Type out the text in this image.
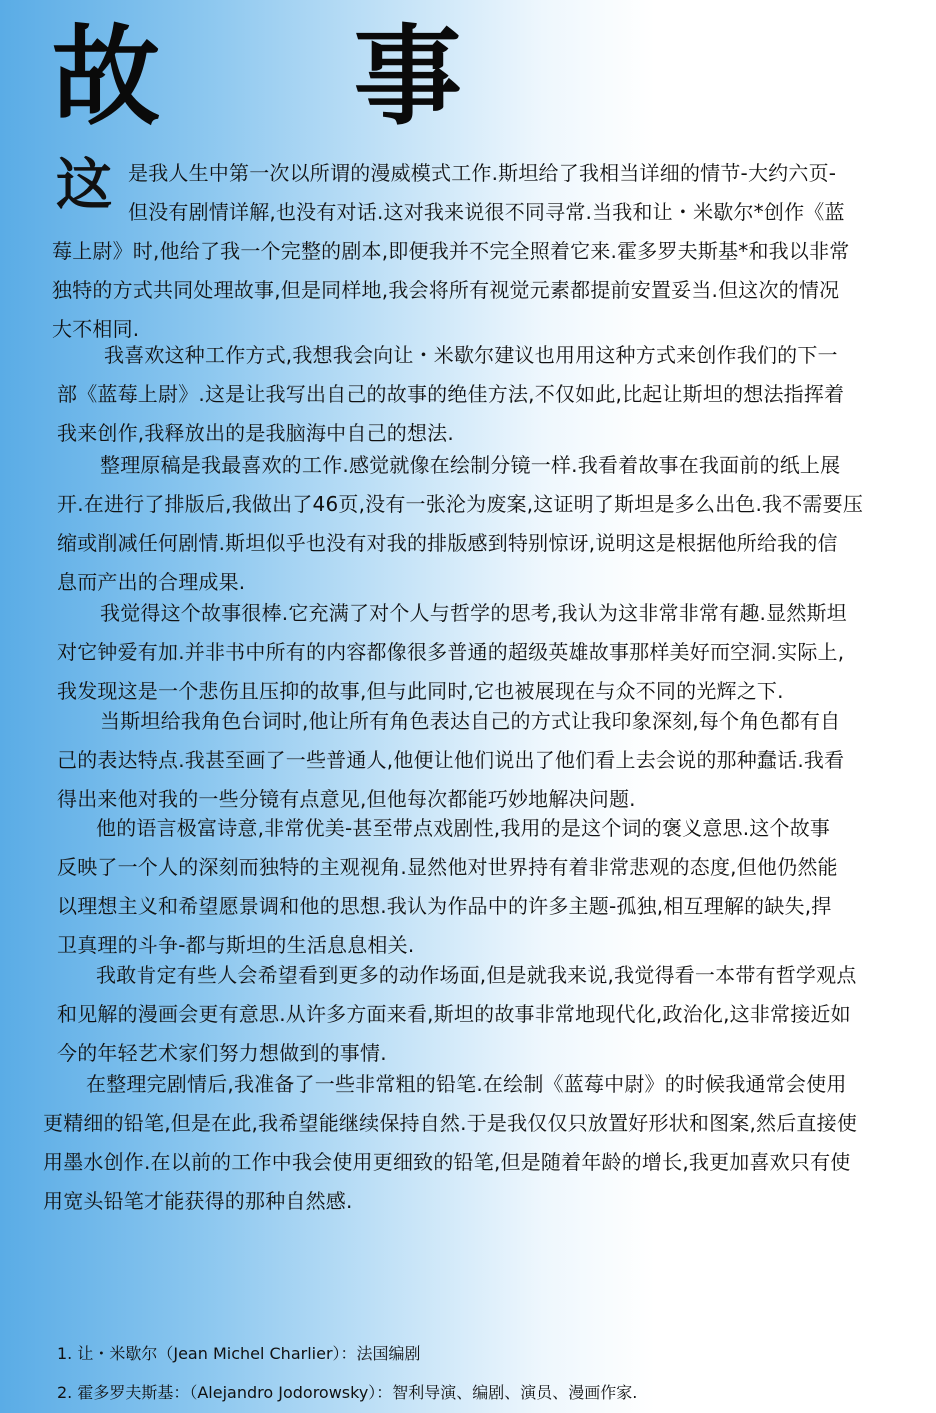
故 事
这 是我人生中第一次以所谓的漫威模式工作.斯坦给了我相当详细的情节-大约六页-
但没有剧情详解,也没有对话.这对我来说很不同寻常.当我和让・米歇尔*创作《蓝
莓上尉》时,他给了我一个完整的剧本,即便我并不完全照着它来.霍多罗夫斯基*和我以非常
独特的方式共同处理故事,但是同样地,我会将所有视觉元素都提前安置妥当.但这次的情况
大不相同.
我喜欢这种工作方式,我想我会向让・米歇尔建议也用用这种方式来创作我们的下一
部《蓝莓上尉》.这是让我写出自己的故事的绝佳方法,不仅如此,比起让斯坦的想法指挥着
我来创作,我释放出的是我脑海中自己的想法.
整理原稿是我最喜欢的工作.感觉就像在绘制分镜一样.我看着故事在我面前的纸上展
开.在进行了排版后,我做出了46页,没有一张沦为废案,这证明了斯坦是多么出色.我不需要压
缩或削减任何剧情.斯坦似乎也没有对我的排版感到特别惊讶,说明这是根据他所给我的信
息而产出的合理成果.
我觉得这个故事很棒.它充满了对个人与哲学的思考,我认为这非常非常有趣.显然斯坦
对它钟爱有加.并非书中所有的内容都像很多普通的超级英雄故事那样美好而空洞.实际上,
我发现这是一个悲伤且压抑的故事,但与此同时,它也被展现在与众不同的光辉之下.
当斯坦给我角色台词时,他让所有角色表达自己的方式让我印象深刻,每个角色都有自
己的表达特点.我甚至画了一些普通人,他便让他们说出了他们看上去会说的那种蠢话.我看
得出来他对我的一些分镜有点意见,但他每次都能巧妙地解决问题.
他的语言极富诗意,非常优美-甚至带点戏剧性,我用的是这个词的褒义意思.这个故事
反映了一个人的深刻而独特的主观视角.显然他对世界持有着非常悲观的态度,但他仍然能
以理想主义和希望愿景调和他的思想.我认为作品中的许多主题-孤独,相互理解的缺失,捍
卫真理的斗争-都与斯坦的生活息息相关.
我敢肯定有些人会希望看到更多的动作场面,但是就我来说,我觉得看一本带有哲学观点
和见解的漫画会更有意思.从许多方面来看,斯坦的故事非常地现代化,政治化,这非常接近如
今的年轻艺术家们努力想做到的事情.
在整理完剧情后,我准备了一些非常粗的铅笔.在绘制《蓝莓中尉》的时候我通常会使用
更精细的铅笔,但是在此,我希望能继续保持自然.于是我仅仅只放置好形状和图案,然后直接使
用墨水创作.在以前的工作中我会使用更细致的铅笔,但是随着年龄的增长,我更加喜欢只有使
用宽头铅笔才能获得的那种自然感.
1. 让・米歇尔（Jean Michel Charlier）：法国编剧
2. 霍多罗夫斯基：（Alejandro Jodorowsky）：智利导演、编剧、演员、漫画作家.
